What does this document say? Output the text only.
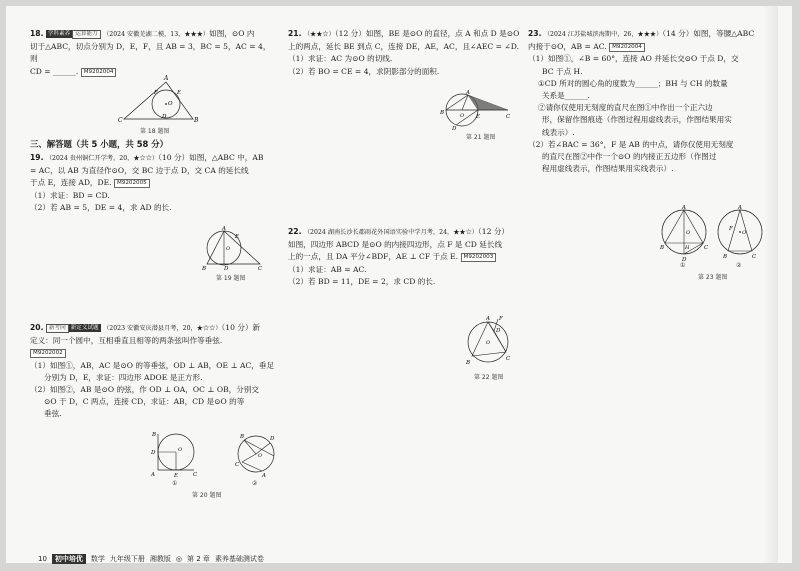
18. 学科素养 运算能力 （2024 安徽芜湖二模，13，★★★）如图，⊙O 内
切于△ABC，切点分别为 D，E，F，且 AB = 3，BC = 5，AC = 4，则
CD = ______. M9202004
C	B
A
O
F	E
D
第 18 题图
三、解答题（共 5 小题，共 58 分）
19. （2024 贵州铜仁开学考，20，★☆☆）（10 分）如图，△ABC 中，AB
= AC，以 AB 为直径作⊙O，交 BC 边于点 D，交 CA 的延长线
于点 E，连接 AD，DE. M9202005
（1）求证：BD = CD.
（2）若 AB = 5，DE = 4，求 AD 的长.
A
B	C
D
E
O
第 19 题图
20. 新考向 新定义试题 （2023 安徽安庆潜县月考，20，★☆☆）（10 分）新
定义：同一个圆中，互相垂直且相等的两条弦叫作等垂弦.
M9202002
（1）如图①，AB，AC 是⊙O 的等垂弦，OD ⊥ AB，OE ⊥ AC，垂足
分别为 D，E，求证：四边形 ADOE 是正方形.
（2）如图②，AB 是⊙O 的弦，作 OD ⊥ OA，OC ⊥ OB，分别交
⊙O 于 D，C 两点，连接 CD，求证：AB，CD 是⊙O 的等
垂弦.
B
D
A	E	C
O
①
B	D
O
C
A
②
第 20 题图
21. （★★☆）（12 分）如图，BE 是⊙O 的直径，点 A 和点 D 是⊙O
上的两点，延长 BE 到点 C，连接 DE，AE，AC，且∠AEC = ∠D.
（1）求证：AC 为⊙O 的切线.
（2）若 BO = CE = 4，求阴影部分的面积.
A
B
C
D
O E
第 21 题图
22. （2024 湖南长沙长郡雨花外国语实验中学月考，24，★★☆）（12 分）
如图，四边形 ABCD 是⊙O 的内接四边形，点 F 是 CD 延长线
上的一点，且 DA 平分∠BDF，AE ⊥ CF 于点 E. M9202003
（1）求证：AB = AC.
（2）若 BD = 11，DE = 2，求 CD 的长.
A
B
C
D
F
O
第 22 题图
23. （2024 江苏盐城滨海期中，26，★★★）（14 分）如图，等腰△ABC
内接于⊙O，AB = AC. M9202004
（1）如图①，∠B = 60°，连接 AO 并延长交⊙O 于点 D，交
BC 于点 H.
①CD 所对的圆心角的度数为______；BH 与 CH 的数量
关系是______.
②请你仅使用无刻度的直尺在图①中作出一个正六边
形，保留作图痕迹（作图过程用虚线表示，作图结果用实
线表示）.
（2）若∠BAC = 36°，F 是 AB 的中点，请你仅使用无刻度
的直尺在图②中作一个⊙O 的内接正五边形（作图过
程用虚线表示，作图结果用实线表示）.
A
B	C
H
D
O
①
A
B	C
F
O
②
第 23 题图
10	初中培优	数学 九年级下册 湘教版 ◎ 第 2 章 素养基础测试卷
